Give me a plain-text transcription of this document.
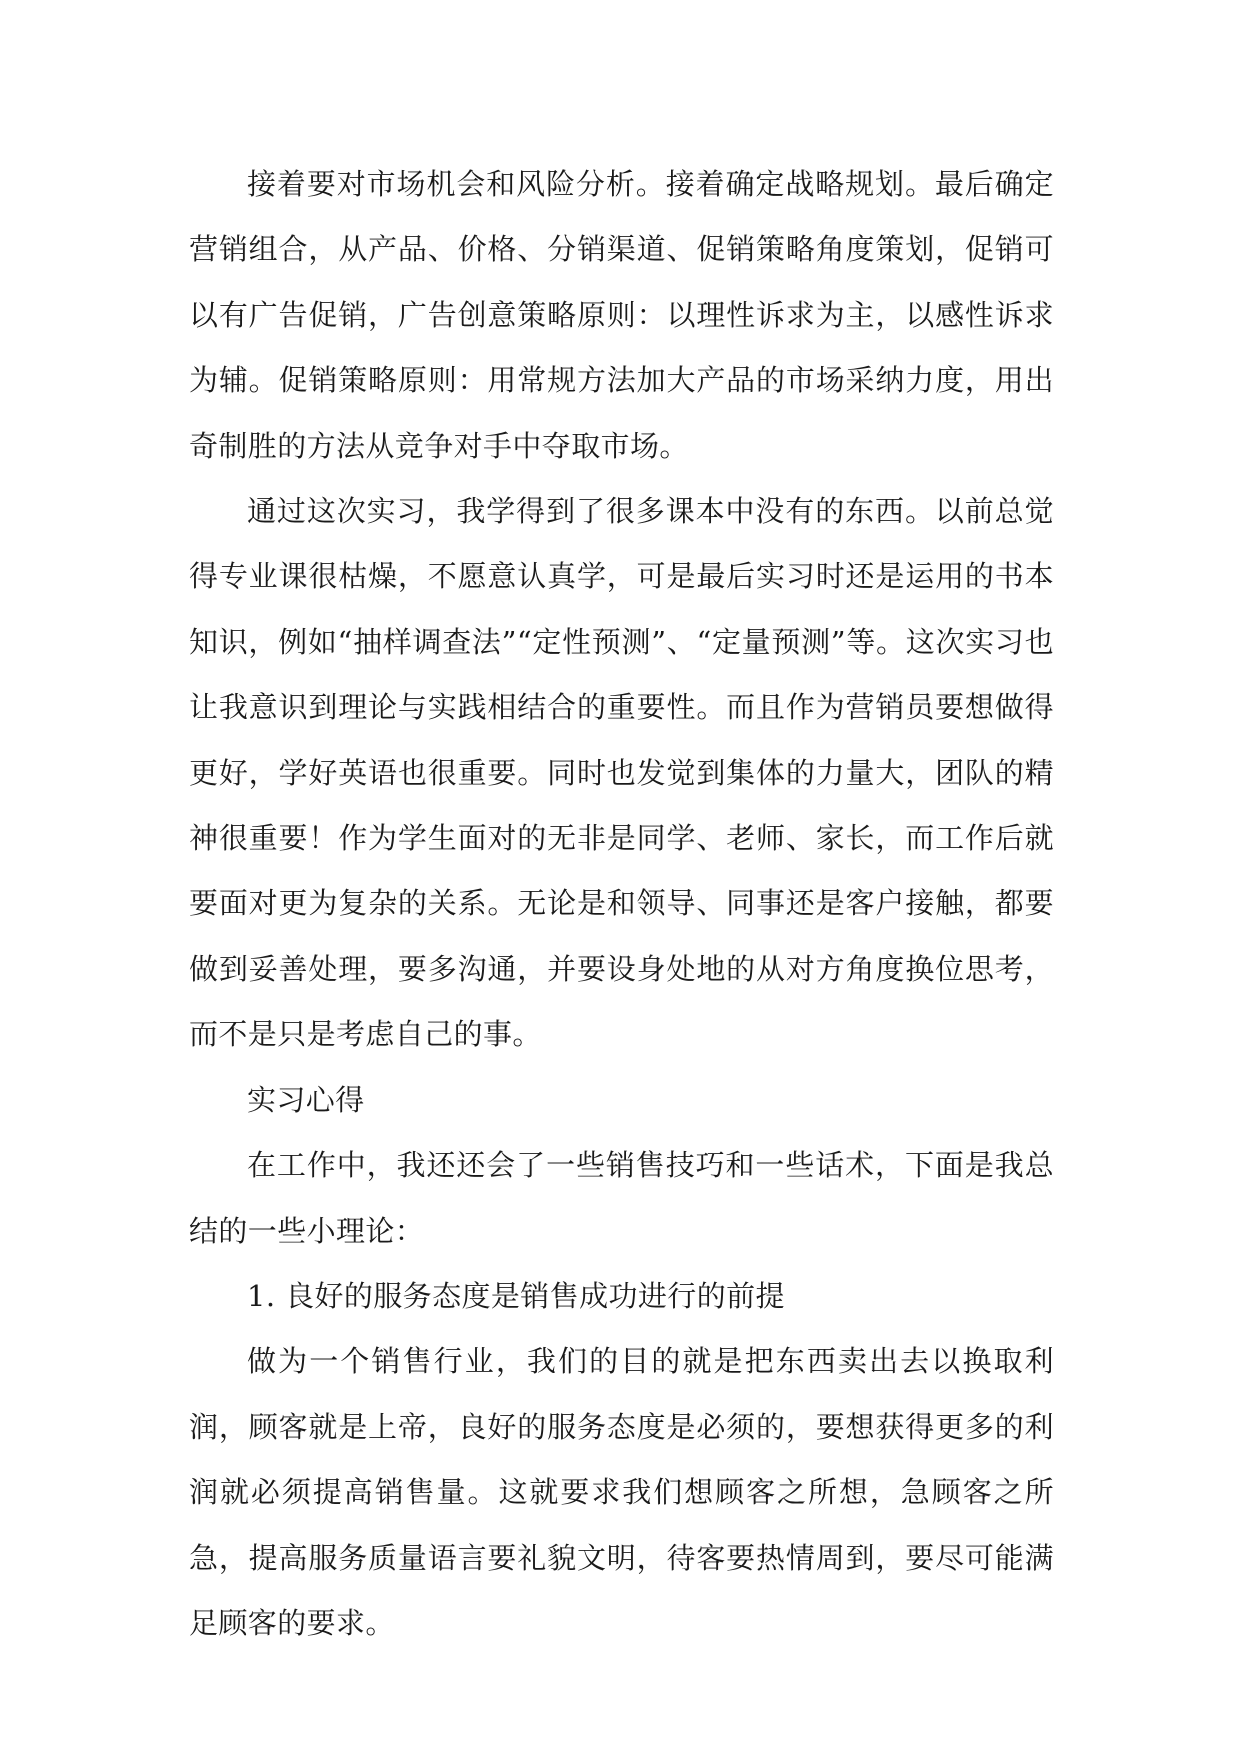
接着要对市场机会和风险分析。接着确定战略规划。最后确定营销组合，从产品、价格、分销渠道、促销策略角度策划，促销可以有广告促销，广告创意策略原则：以理性诉求为主，以感性诉求为辅。促销策略原则：用常规方法加大产品的市场采纳力度，用出奇制胜的方法从竞争对手中夺取市场。

通过这次实习，我学得到了很多课本中没有的东西。以前总觉得专业课很枯燥，不愿意认真学，可是最后实习时还是运用的书本知识，例如“抽样调查法”“定性预测”、“定量预测”等。这次实习也让我意识到理论与实践相结合的重要性。而且作为营销员要想做得更好，学好英语也很重要。同时也发觉到集体的力量大，团队的精神很重要！作为学生面对的无非是同学、老师、家长，而工作后就要面对更为复杂的关系。无论是和领导、同事还是客户接触，都要做到妥善处理，要多沟通，并要设身处地的从对方角度换位思考，而不是只是考虑自己的事。

实习心得

在工作中，我还还会了一些销售技巧和一些话术，下面是我总结的一些小理论：

1. 良好的服务态度是销售成功进行的前提

做为一个销售行业，我们的目的就是把东西卖出去以换取利润，顾客就是上帝，良好的服务态度是必须的，要想获得更多的利润就必须提高销售量。这就要求我们想顾客之所想，急顾客之所急，提高服务质量语言要礼貌文明，待客要热情周到，要尽可能满足顾客的要求。
